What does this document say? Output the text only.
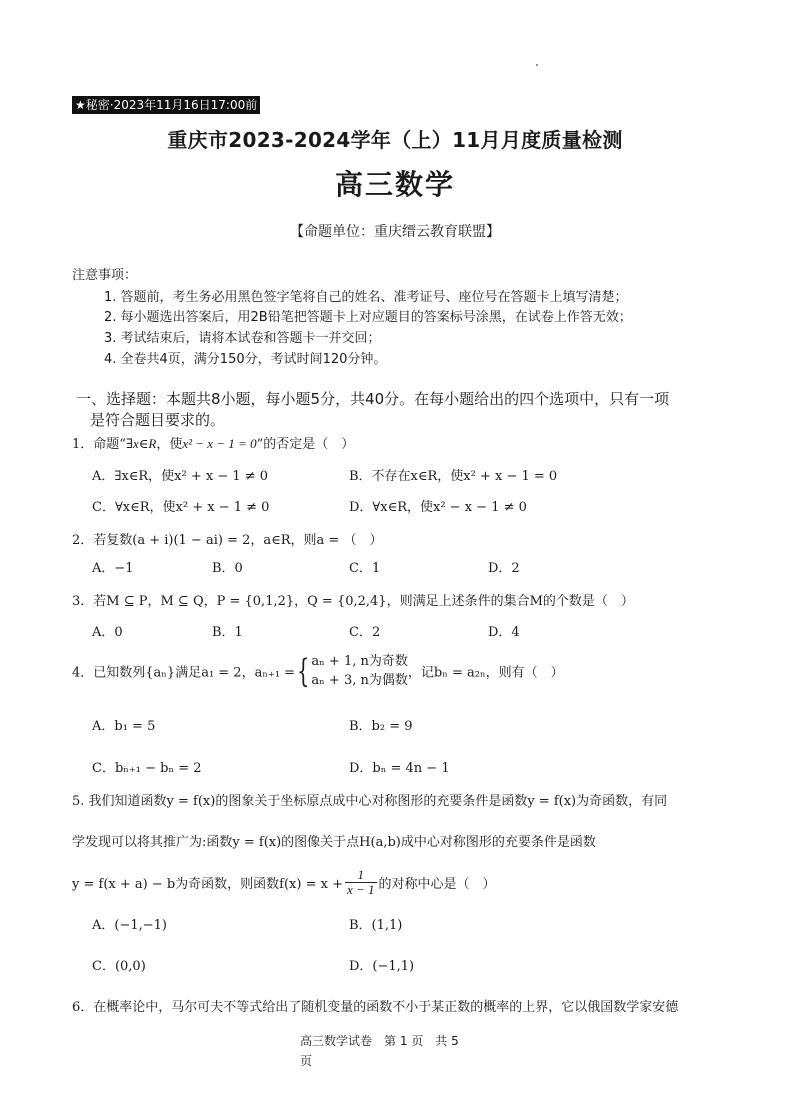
★秘密·2023年11月16日17:00前
重庆市2023-2024学年（上）11月月度质量检测
高三数学
【命题单位：重庆缙云教育联盟】
注意事项：
1. 答题前，考生务必用黑色签字笔将自己的姓名、准考证号、座位号在答题卡上填写清楚；
2. 每小题选出答案后，用2B铅笔把答题卡上对应题目的答案标号涂黑，在试卷上作答无效；
3. 考试结束后，请将本试卷和答题卡一并交回；
4. 全卷共4页，满分150分，考试时间120分钟。
一、选择题：本题共8小题，每小题5分，共40分。在每小题给出的四个选项中，只有一项
是符合题目要求的。
1．命题“∃x∈R，使x² − x − 1 = 0”的否定是（　）
A．∃x∈R，使x² + x − 1 ≠ 0	B．不存在x∈R，使x² + x − 1 = 0
C．∀x∈R，使x² + x − 1 ≠ 0	D．∀x∈R，使x² − x − 1 ≠ 0
2．若复数(a + i)(1 − ai) = 2，a∈R，则a = （　）
A．−1	B．0	C．1	D．2
3．若M ⊆ P，M ⊆ Q，P = {0,1,2}，Q = {0,2,4}，则满足上述条件的集合M的个数是（　）
A．0	B．1	C．2	D．4
4．已知数列{aₙ}满足a₁ = 2，aₙ₊₁ ={ aₙ + 1, n为奇数
aₙ + 3, n为偶数 ，记bₙ = a₂ₙ，则有（　）
A．b₁ = 5	B．b₂ = 9
C．bₙ₊₁ − bₙ = 2	D．bₙ = 4n − 1
5. 我们知道函数y = f(x)的图象关于坐标原点成中心对称图形的充要条件是函数y = f(x)为奇函数，有同
学发现可以将其推广为:函数y = f(x)的图像关于点H(a,b)成中心对称图形的充要条件是函数
y = f(x + a) − b为奇函数，则函数$f(x) = x + \frac{1}{x - 1}$ 的对称中心是（　）
A．(−1,−1)	B．(1,1)
C．(0,0)	D．(−1,1)
6．在概率论中，马尔可夫不等式给出了随机变量的函数不小于某正数的概率的上界，它以俄国数学家安德
高三数学试卷　第 1 页　共 5
页
